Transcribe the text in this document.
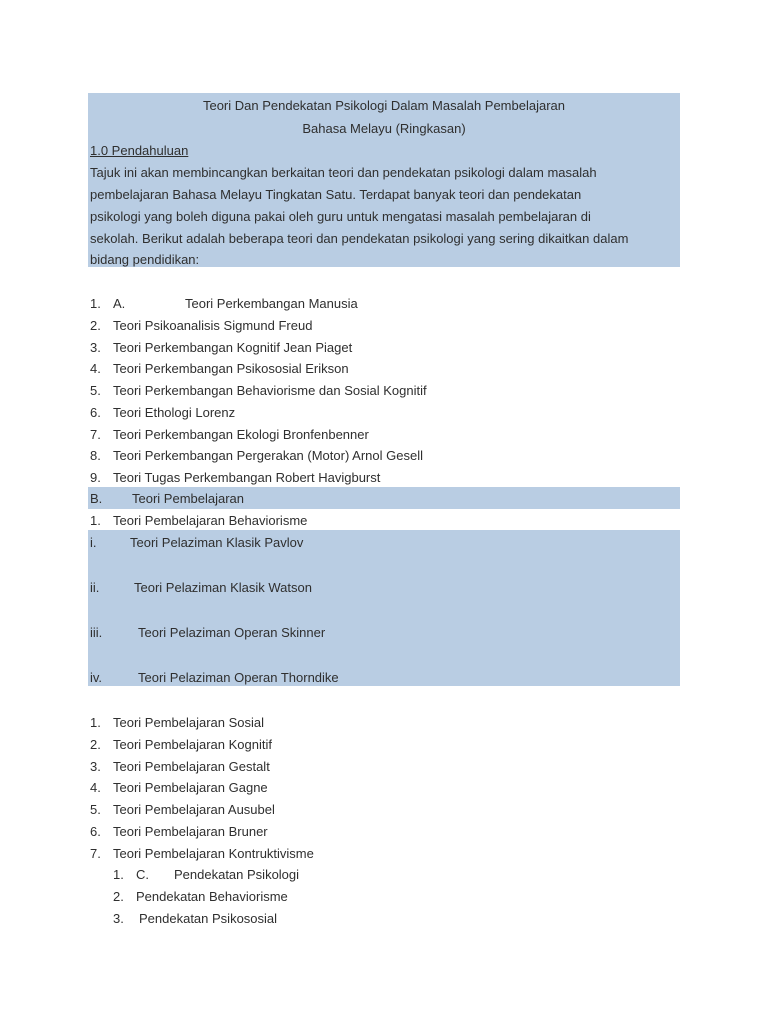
Teori Dan Pendekatan Psikologi Dalam Masalah Pembelajaran
Bahasa Melayu (Ringkasan)
1.0 Pendahuluan
Tajuk ini akan membincangkan berkaitan teori dan pendekatan psikologi dalam masalah
pembelajaran Bahasa Melayu Tingkatan Satu. Terdapat banyak teori dan pendekatan
psikologi yang boleh diguna pakai oleh guru untuk mengatasi masalah pembelajaran di
sekolah. Berikut adalah beberapa teori dan pendekatan psikologi yang sering dikaitkan dalam
bidang pendidikan:
1. A.	Teori Perkembangan Manusia
2. Teori Psikoanalisis Sigmund Freud
3. Teori Perkembangan Kognitif Jean Piaget
4. Teori Perkembangan Psikososial Erikson
5. Teori Perkembangan Behaviorisme dan Sosial Kognitif
6. Teori Ethologi Lorenz
7. Teori Perkembangan Ekologi Bronfenbenner
8. Teori Perkembangan Pergerakan (Motor) Arnol Gesell
9. Teori Tugas Perkembangan Robert Havigburst
B. Teori Pembelajaran
1. Teori Pembelajaran Behaviorisme
i.	Teori Pelaziman Klasik Pavlov
ii.	Teori Pelaziman Klasik Watson
iii.	Teori Pelaziman Operan Skinner
iv.	Teori Pelaziman Operan Thorndike
1. Teori Pembelajaran Sosial
2. Teori Pembelajaran Kognitif
3. Teori Pembelajaran Gestalt
4. Teori Pembelajaran Gagne
5. Teori Pembelajaran Ausubel
6. Teori Pembelajaran Bruner
7. Teori Pembelajaran Kontruktivisme
1. C. Pendekatan Psikologi
2. Pendekatan Behaviorisme
3. Pendekatan Psikososial
